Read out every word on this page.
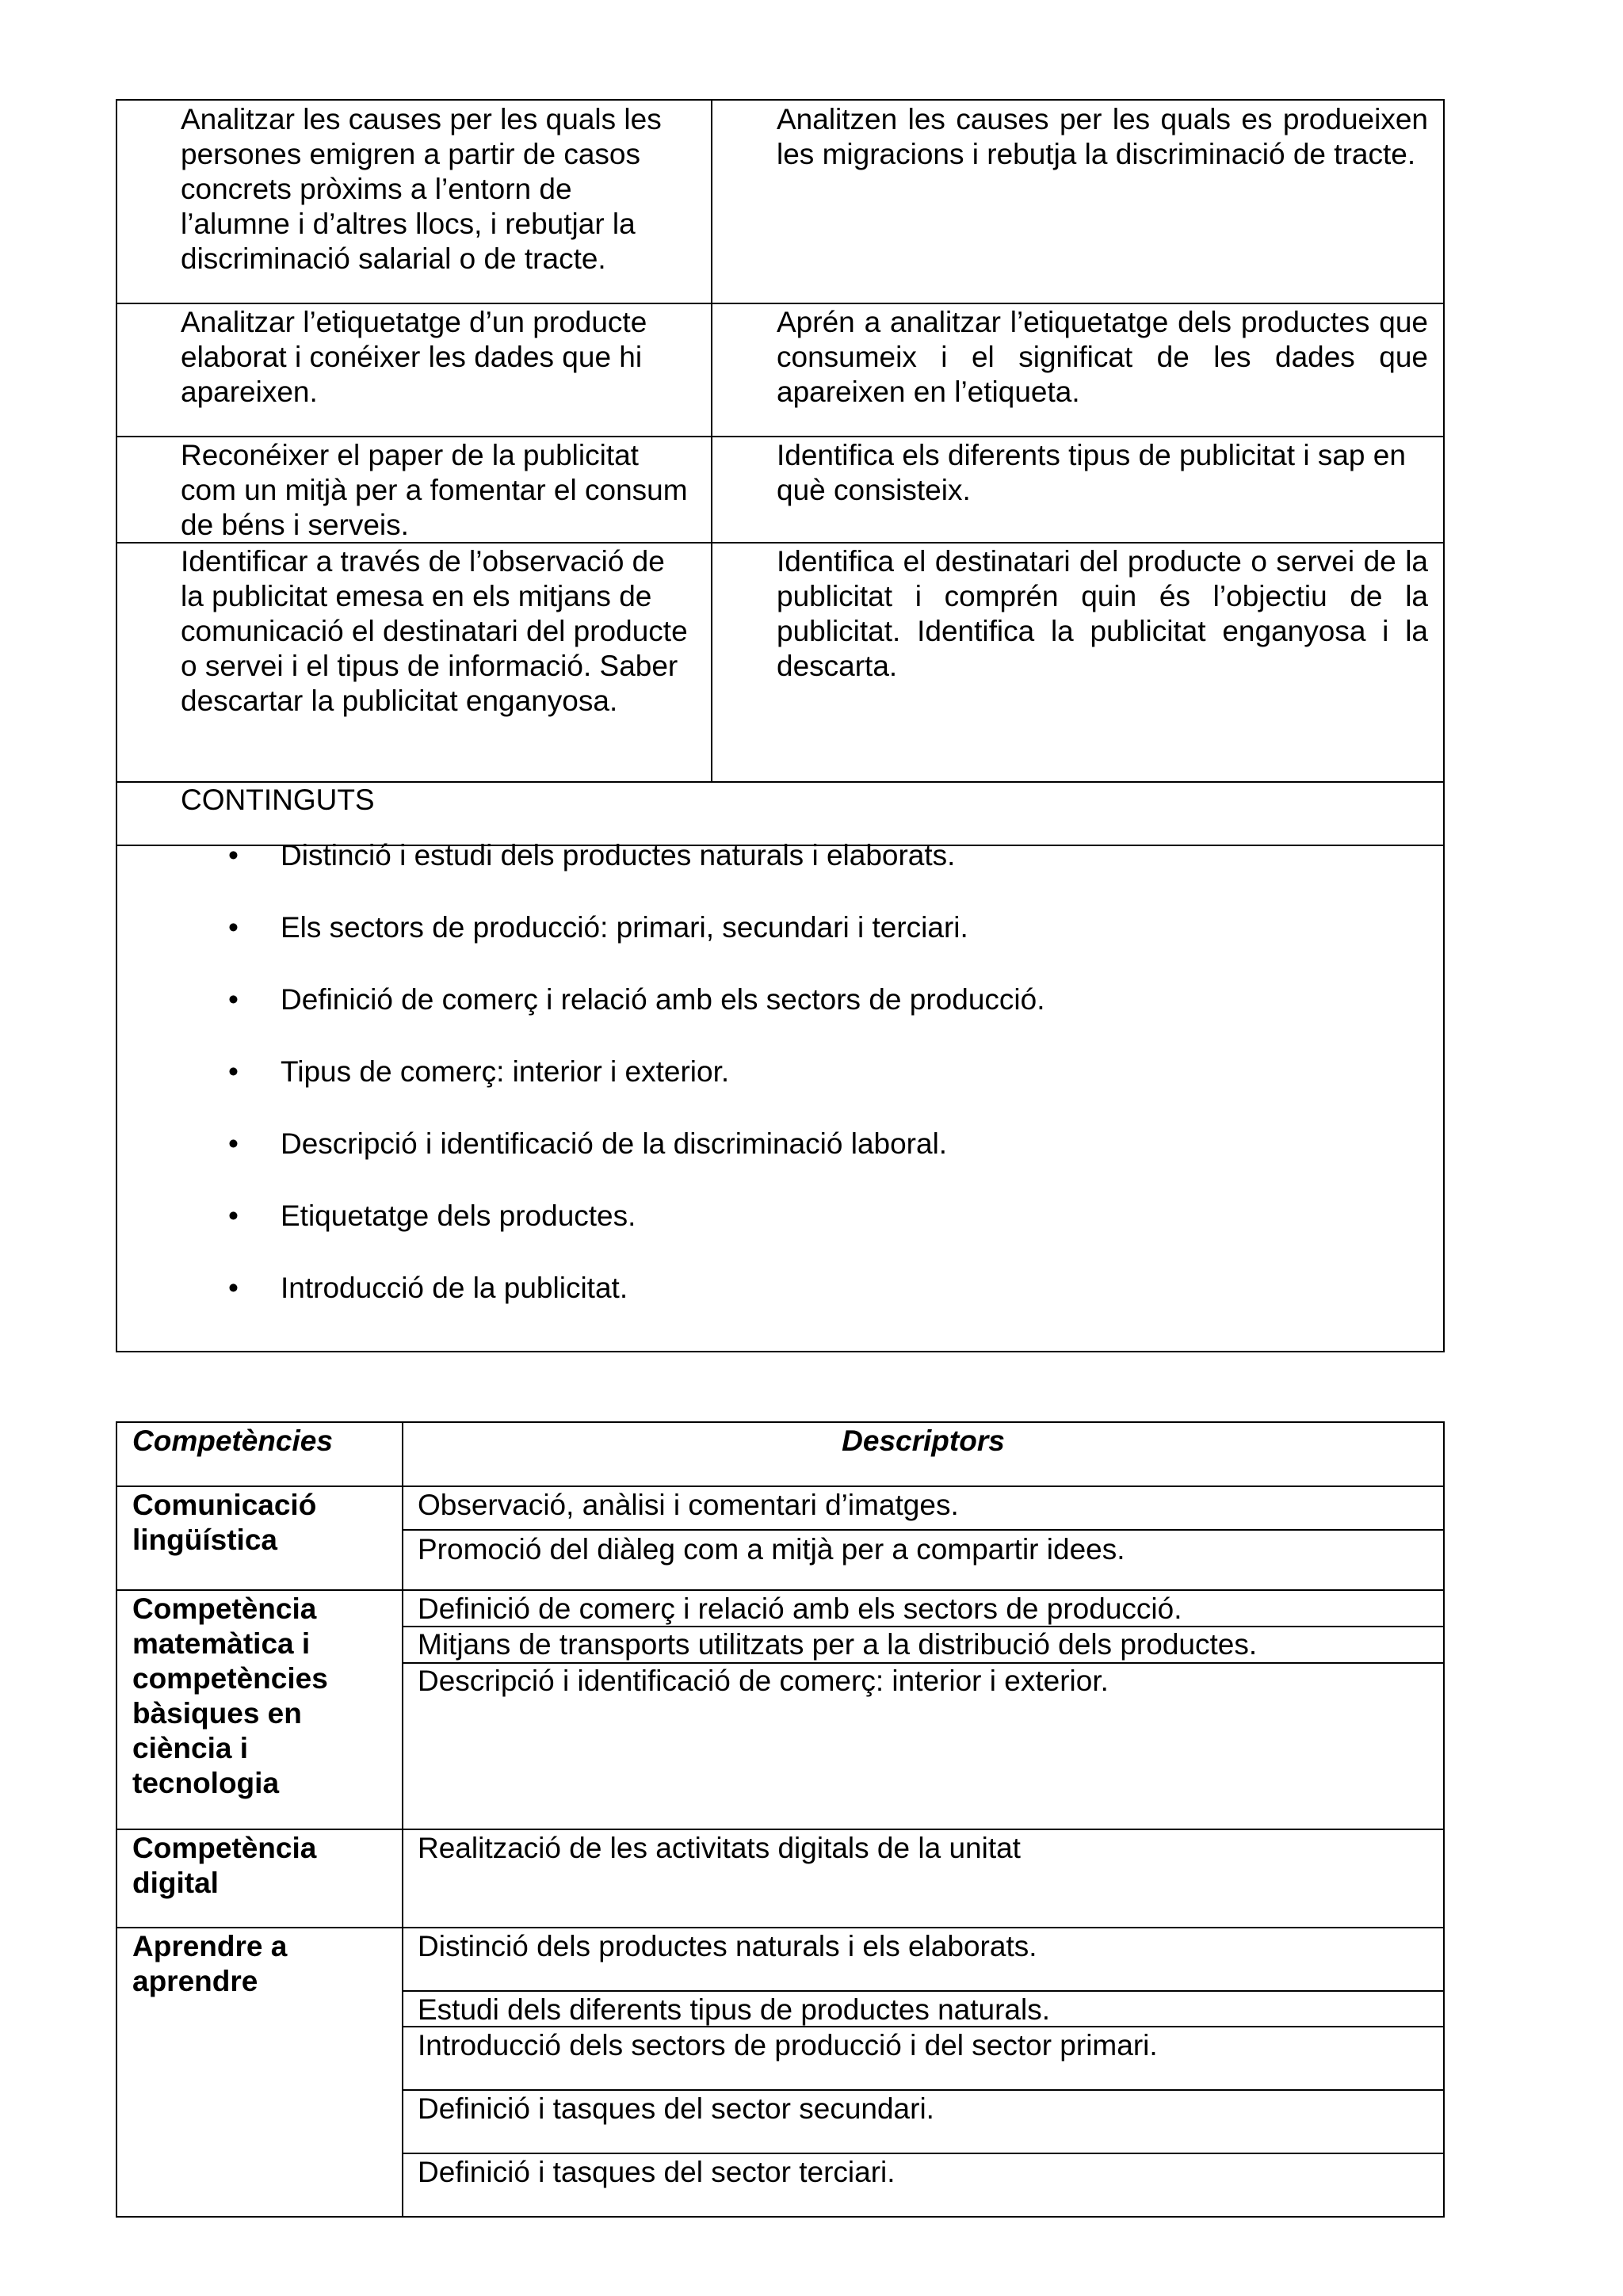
Analitzar les causes per les quals les persones emigren a partir de casos concrets pròxims a l’entorn de l’alumne i d’altres llocs, i rebutjar la discriminació salarial o de tracte.

Analitzen les causes per les quals es produeixen les migracions i rebutja la discriminació de tracte.

Analitzar l’etiquetatge d’un producte elaborat i conéixer les dades que hi apareixen.

Aprén a analitzar l’etiquetatge dels productes que consumeix i el significat de les dades que apareixen en l’etiqueta.

Reconéixer el paper de la publicitat com un mitjà per a fomentar el consum de béns i serveis.

Identifica els diferents tipus de publicitat i sap en què consisteix.

Identificar a través de l’observació de la publicitat emesa en els mitjans de comunicació el destinatari del producte o servei i el tipus de informació. Saber descartar la publicitat enganyosa.

Identifica el destinatari del producte o servei de la publicitat i comprén quin és l’objectiu de la publicitat. Identifica la publicitat enganyosa i la descarta.

CONTINGUTS

• Distinció i estudi dels productes naturals i elaborats.
• Els sectors de producció: primari, secundari i terciari.
• Definició de comerç i relació amb els sectors de producció.
• Tipus de comerç: interior i exterior.
• Descripció i identificació de la discriminació laboral.
• Etiquetatge dels productes.
• Introducció de la publicitat.

Competències	Descriptors

Comunicació lingüística

Observació, anàlisi i comentari d’imatges.

Promoció del diàleg com a mitjà per a compartir idees.

Competència matemàtica i competències bàsiques en ciència i tecnologia

Definició de comerç i relació amb els sectors de producció.

Mitjans de transports utilitzats per a la distribució dels productes.

Descripció i identificació de comerç: interior i exterior.

Competència digital

Realització de les activitats digitals de la unitat

Aprendre a aprendre

Distinció dels productes naturals i els elaborats.

Estudi dels diferents tipus de productes naturals.

Introducció dels sectors de producció i del sector primari.

Definició i tasques del sector secundari.

Definició i tasques del sector terciari.
